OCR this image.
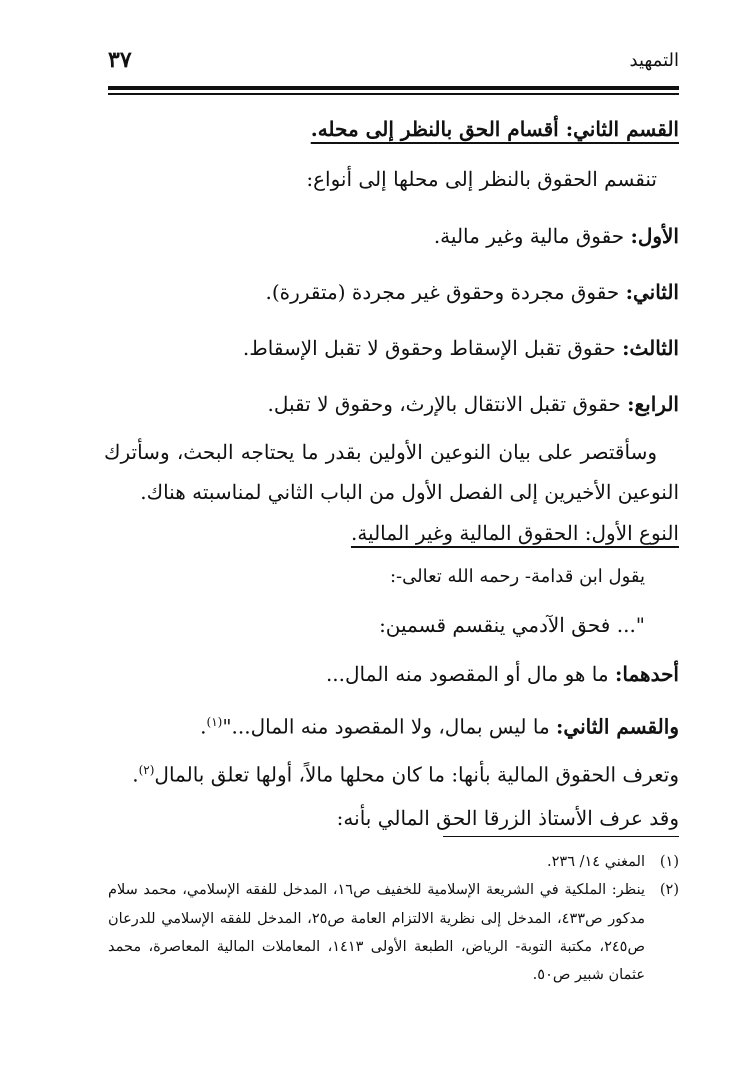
التمهيد
٣٧
القسم الثاني: أقسام الحق بالنظر إلى محله.
تنقسم الحقوق بالنظر إلى محلها إلى أنواع:
الأول: حقوق مالية وغير مالية.
الثاني: حقوق مجردة وحقوق غير مجردة (متقررة).
الثالث: حقوق تقبل الإسقاط وحقوق لا تقبل الإسقاط.
الرابع: حقوق تقبل الانتقال بالإرث، وحقوق لا تقبل.
وسأقتصر على بيان النوعين الأولين بقدر ما يحتاجه البحث، وسأترك
النوعين الأخيرين إلى الفصل الأول من الباب الثاني لمناسبته هناك.
النوع الأول: الحقوق المالية وغير المالية.
يقول ابن قدامة- رحمه الله تعالى-:
"... فحق الآدمي ينقسم قسمين:
أحدهما: ما هو مال أو المقصود منه المال...
والقسم الثاني: ما ليس بمال، ولا المقصود منه المال..."$^{(١)}$.
وتعرف الحقوق المالية بأنها: ما كان محلها مالاً، أولها تعلق بالمال$^{(٢)}$.
وقد عرف الأستاذ الزرقا الحق المالي بأنه:
(١)
المغني ١٤/ ٢٣٦.
(٢)
ينظر: الملكية في الشريعة الإسلامية للخفيف ص١٦، المدخل للفقه الإسلامي، محمد سلام مدكور ص٤٣٣، المدخل إلى نظرية الالتزام العامة ص٢٥، المدخل للفقه الإسلامي للدرعان ص٢٤٥، مكتبة التوبة- الرياض، الطبعة الأولى ١٤١٣، المعاملات المالية المعاصرة، محمد عثمان شبير ص٥٠.
